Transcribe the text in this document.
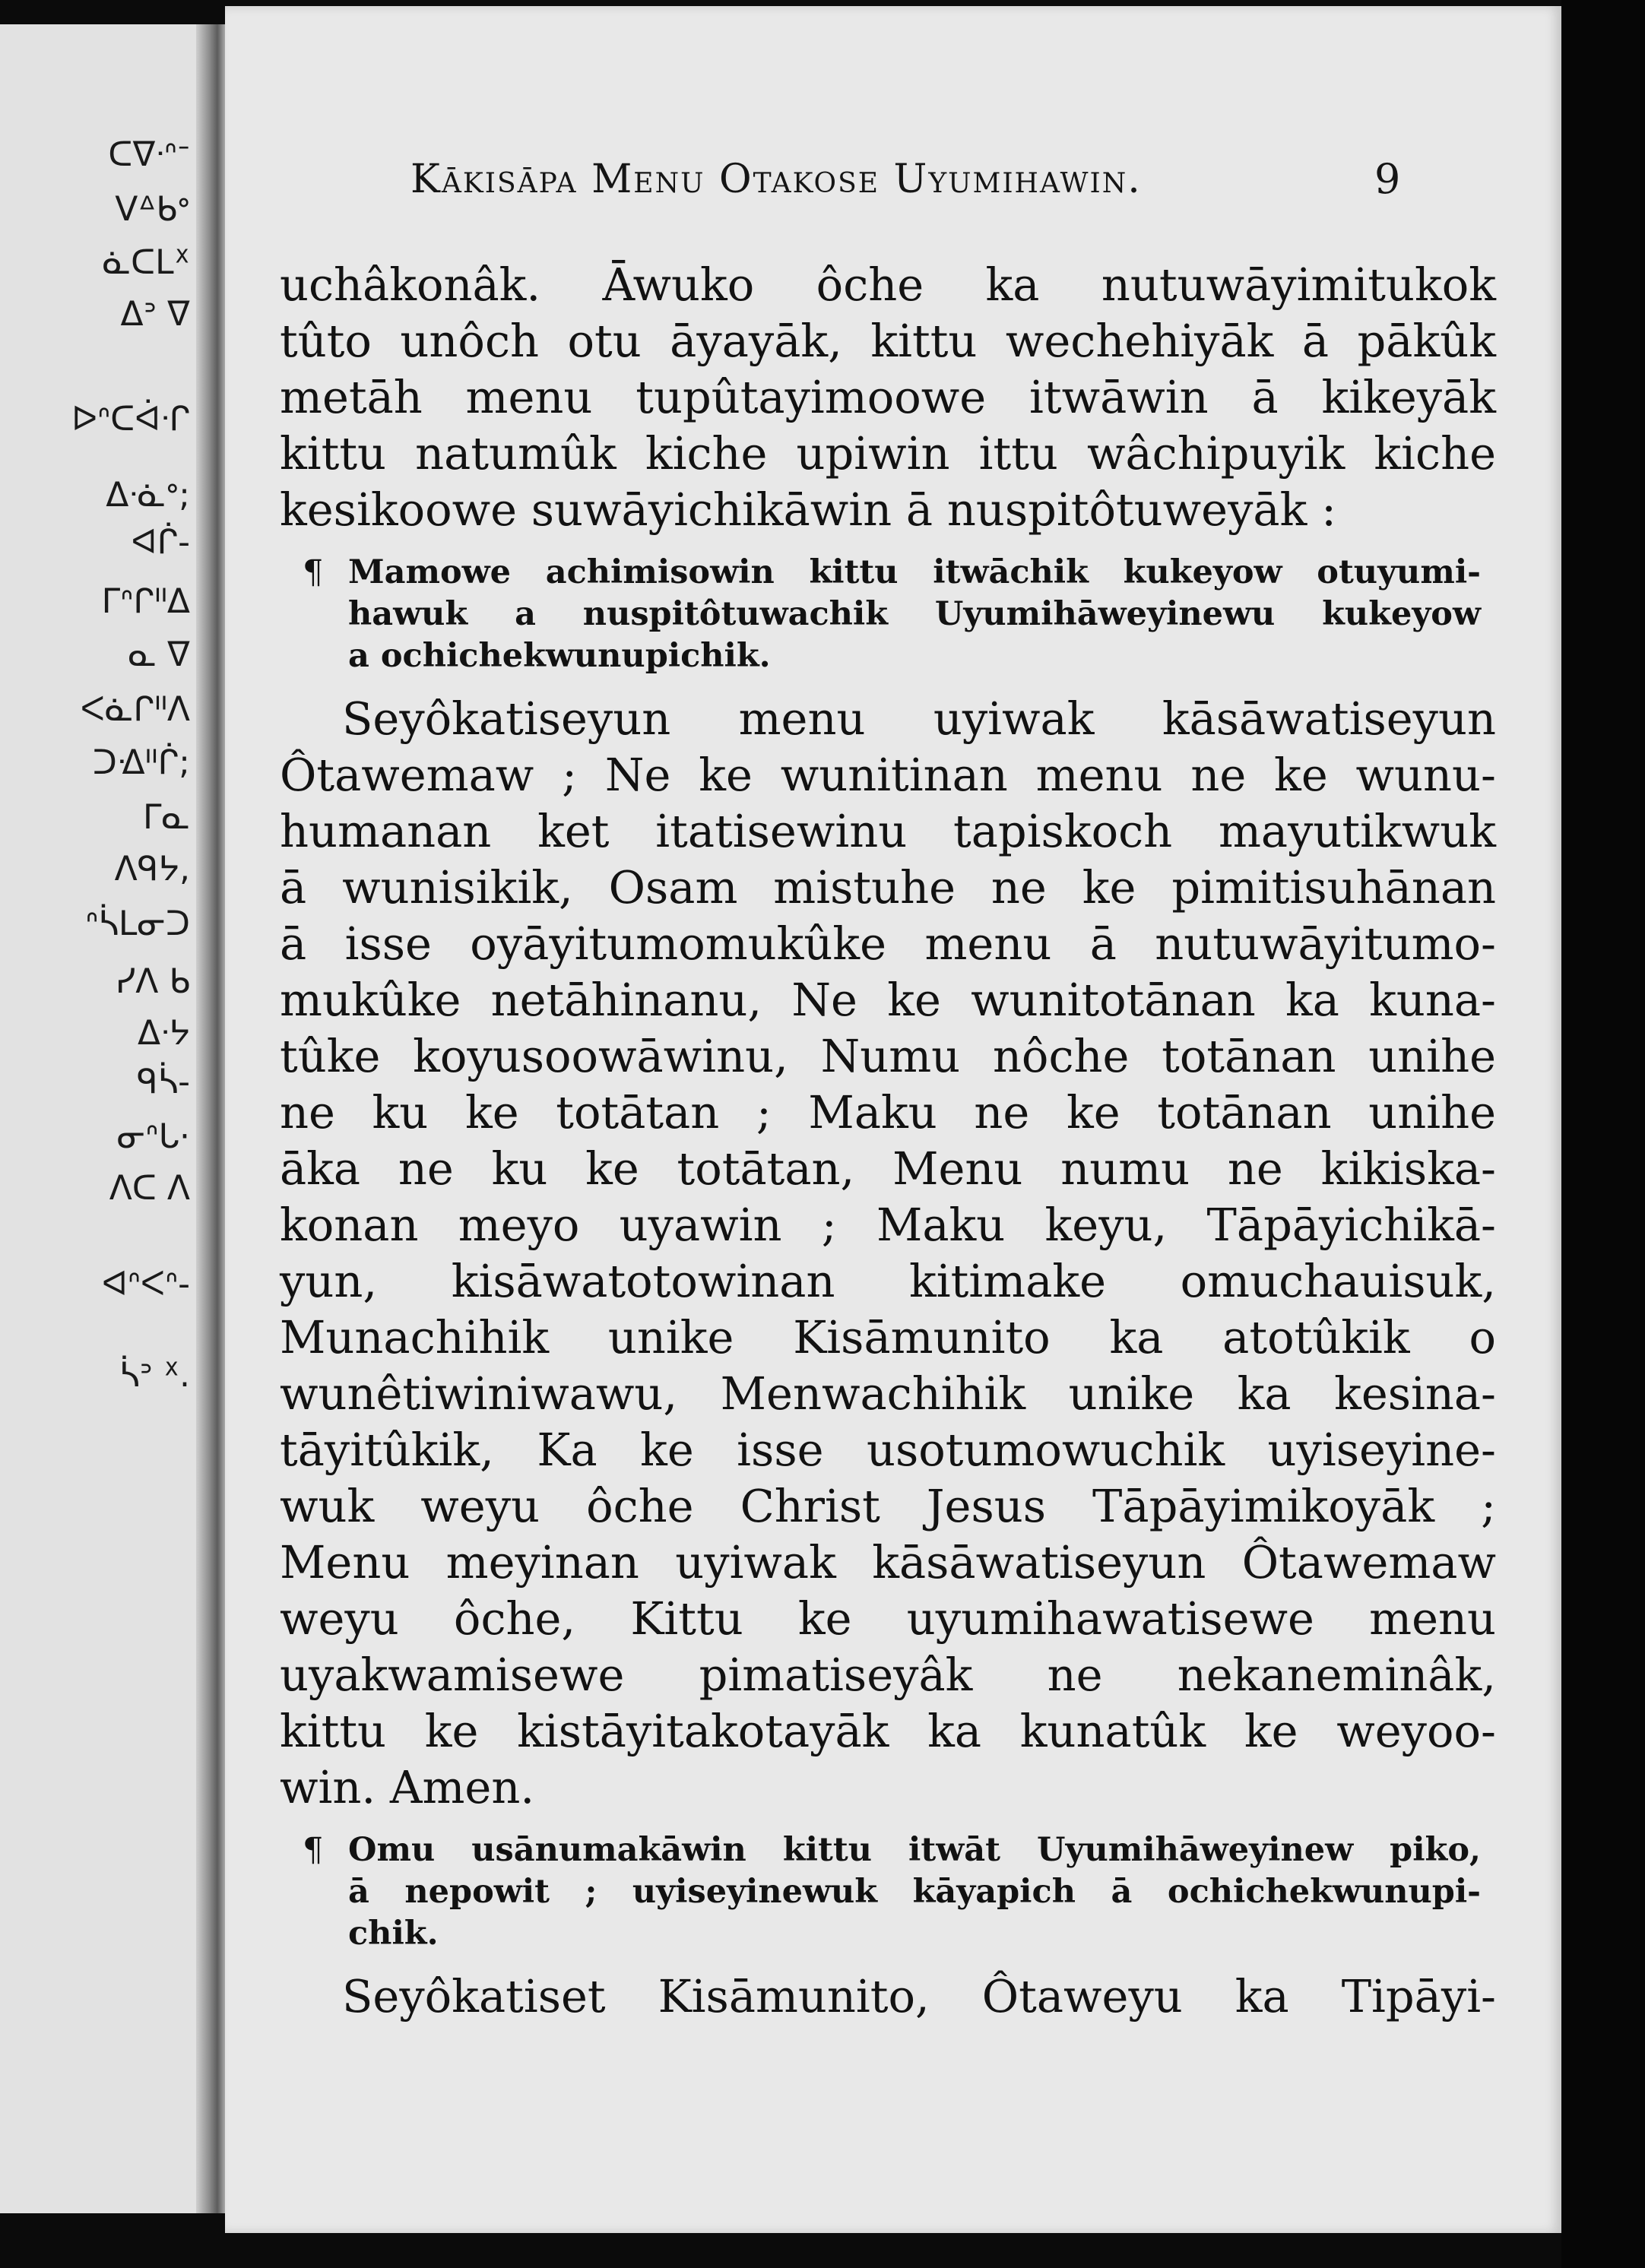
ᑕᐁᐧᐢᐨ
ᐯᐞᑲᐤ
ᓈᑕᒪᕽ
ᐃᐣ ᐁ
ᐅᐢᑕᐋᐧᒋ
ᐃᐧᓈᐤ;
ᐊᒌ-
ᒥᐢᒋᐦᐃ
ᓇ ᐁ
ᐸᓈᒋᐦᐱ
ᑐᐎᐦᒌ;
ᒥᓇ
ᐱᑫᔭ,
ᐢᓵᒪᓂᑐ
ᓯᐱ ᑲ
ᐃᐧᔭ
ᑫᓵ-
ᓂᐢᒐ·
ᐱᑕ ᐱ
ᐊᐢᐸᐢ-
ᓵᐣ ᕽ.
Kākisāpa Menu Otakose Uyumihawin.	9
uchâkonâk. Āwuko ôche ka nutuwāyimitukok
tûto unôch otu āyayāk, kittu wechehiyāk ā pākûk
metāh menu tupûtayimoowe itwāwin ā kikeyāk
kittu natumûk kiche upiwin ittu wâchipuyik kiche
kesikoowe suwāyichikāwin ā nuspitôtuweyāk :
¶ Mamowe achimisowin kittu itwāchik kukeyow otuyumi-
hawuk a nuspitôtuwachik Uyumihāweyinewu kukeyow
a ochichekwunupichik.
Seyôkatiseyun menu uyiwak kāsāwatiseyun
Ôtawemaw ; Ne ke wunitinan menu ne ke wunu-
humanan ket itatisewinu tapiskoch mayutikwuk
ā wunisikik, Osam mistuhe ne ke pimitisuhānan
ā isse oyāyitumomukûke menu ā nutuwāyitumo-
mukûke netāhinanu, Ne ke wunitotānan ka kuna-
tûke koyusoowāwinu, Numu nôche totānan unihe
ne ku ke totātan ; Maku ne ke totānan unihe
āka ne ku ke totātan, Menu numu ne kikiska-
konan meyo uyawin ; Maku keyu, Tāpāyichikā-
yun, kisāwatotowinan kitimake omuchauisuk,
Munachihik unike Kisāmunito ka atotûkik o
wunêtiwiniwawu, Menwachihik unike ka kesina-
tāyitûkik, Ka ke isse usotumowuchik uyiseyine-
wuk weyu ôche Christ Jesus Tāpāyimikoyāk ;
Menu meyinan uyiwak kāsāwatiseyun Ôtawemaw
weyu ôche, Kittu ke uyumihawatisewe menu
uyakwamisewe pimatiseyâk ne nekaneminâk,
kittu ke kistāyitakotayāk ka kunatûk ke weyoo-
win. Amen.
¶ Omu usānumakāwin kittu itwāt Uyumihāweyinew piko,
ā nepowit ; uyiseyinewuk kāyapich ā ochichekwunupi-
chik.
Seyôkatiset Kisāmunito, Ôtaweyu ka Tipāyi-
